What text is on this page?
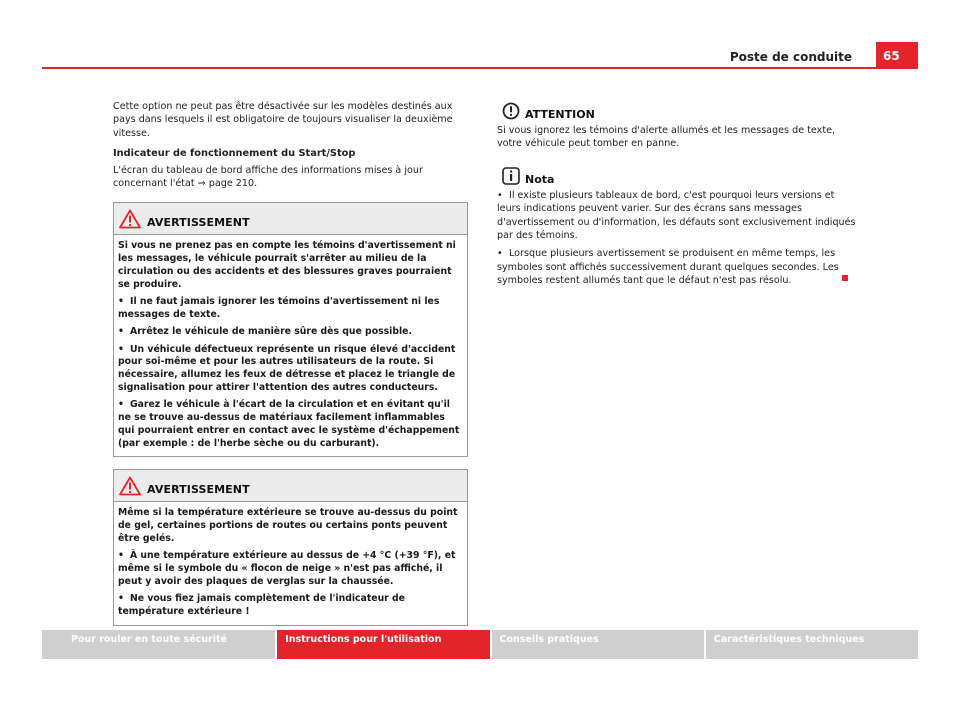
Poste de conduite	65

Cette option ne peut pas être désactivée sur les modèles destinés aux pays dans lesquels il est obligatoire de toujours visualiser la deuxième vitesse.

Indicateur de fonctionnement du Start/Stop

L'écran du tableau de bord affiche des informations mises à jour concernant l'état ⇒ page 210.

AVERTISSEMENT

Si vous ne prenez pas en compte les témoins d'avertissement ni les messages, le véhicule pourrait s'arrêter au milieu de la circulation ou des accidents et des blessures graves pourraient se produire.

• Il ne faut jamais ignorer les témoins d'avertissement ni les messages de texte.

• Arrêtez le véhicule de manière sûre dès que possible.

• Un véhicule défectueux représente un risque élevé d'accident pour soi-même et pour les autres utilisateurs de la route. Si nécessaire, allumez les feux de détresse et placez le triangle de signalisation pour attirer l'attention des autres conducteurs.

• Garez le véhicule à l'écart de la circulation et en évitant qu'il ne se trouve au-dessus de matériaux facilement inflammables qui pourraient entrer en contact avec le système d'échappement (par exemple : de l'herbe sèche ou du carburant).

AVERTISSEMENT

Même si la température extérieure se trouve au-dessus du point de gel, certaines portions de routes ou certains ponts peuvent être gelés.

• À une température extérieure au dessus de +4 °C (+39 °F), et même si le symbole du « flocon de neige » n'est pas affiché, il peut y avoir des plaques de verglas sur la chaussée.

• Ne vous fiez jamais complètement de l'indicateur de température extérieure !

ATTENTION

Si vous ignorez les témoins d'alerte allumés et les messages de texte, votre véhicule peut tomber en panne.

Nota

• Il existe plusieurs tableaux de bord, c'est pourquoi leurs versions et leurs indications peuvent varier. Sur des écrans sans messages d'avertissement ou d'information, les défauts sont exclusivement indiqués par des témoins.

• Lorsque plusieurs avertissement se produisent en même temps, les symboles sont affichés successivement durant quelques secondes. Les symboles restent allumés tant que le défaut n'est pas résolu.

Pour rouler en toute sécurité	Instructions pour l'utilisation	Conseils pratiques	Caractéristiques techniques
